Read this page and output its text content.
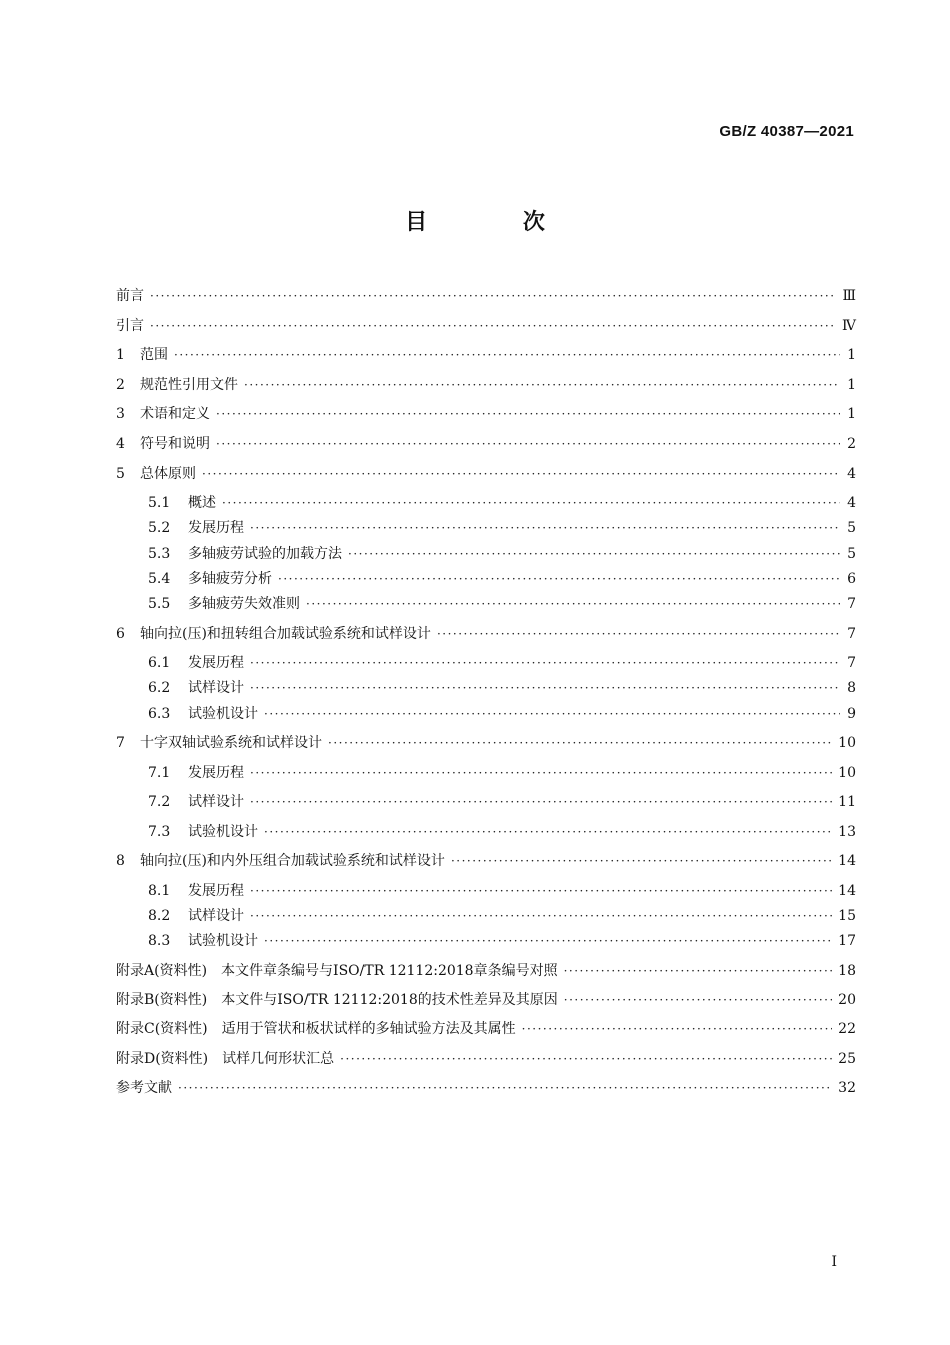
GB/Z 40387—2021
目 次
前言 ·····	Ⅲ
引言 ·····	Ⅳ
1	范围 ·····	1
2	规范性引用文件 ·····	1
3	术语和定义 ·····	1
4	符号和说明 ·····	2
5	总体原则 ·····	4
5.1	概述 ·····	4
5.2	发展历程 ·····	5
5.3	多轴疲劳试验的加载方法 ·····	5
5.4	多轴疲劳分析 ·····	6
5.5	多轴疲劳失效准则 ·····	7
6	轴向拉(压)和扭转组合加载试验系统和试样设计 ·····	7
6.1	发展历程 ·····	7
6.2	试样设计 ·····	8
6.3	试验机设计 ·····	9
7	十字双轴试验系统和试样设计 ·····	10
7.1	发展历程 ·····	10
7.2	试样设计 ·····	11
7.3	试验机设计 ·····	13
8	轴向拉(压)和内外压组合加载试验系统和试样设计 ·····	14
8.1	发展历程 ·····	14
8.2	试样设计 ·····	15
8.3	试验机设计 ·····	17
附录A(资料性)	本文件章条编号与ISO/TR 12112:2018章条编号对照 ·····	18
附录B(资料性)	本文件与ISO/TR 12112:2018的技术性差异及其原因 ·····	20
附录C(资料性)	适用于管状和板状试样的多轴试验方法及其属性 ·····	22
附录D(资料性)	试样几何形状汇总 ·····	25
参考文献 ·····	32
I
